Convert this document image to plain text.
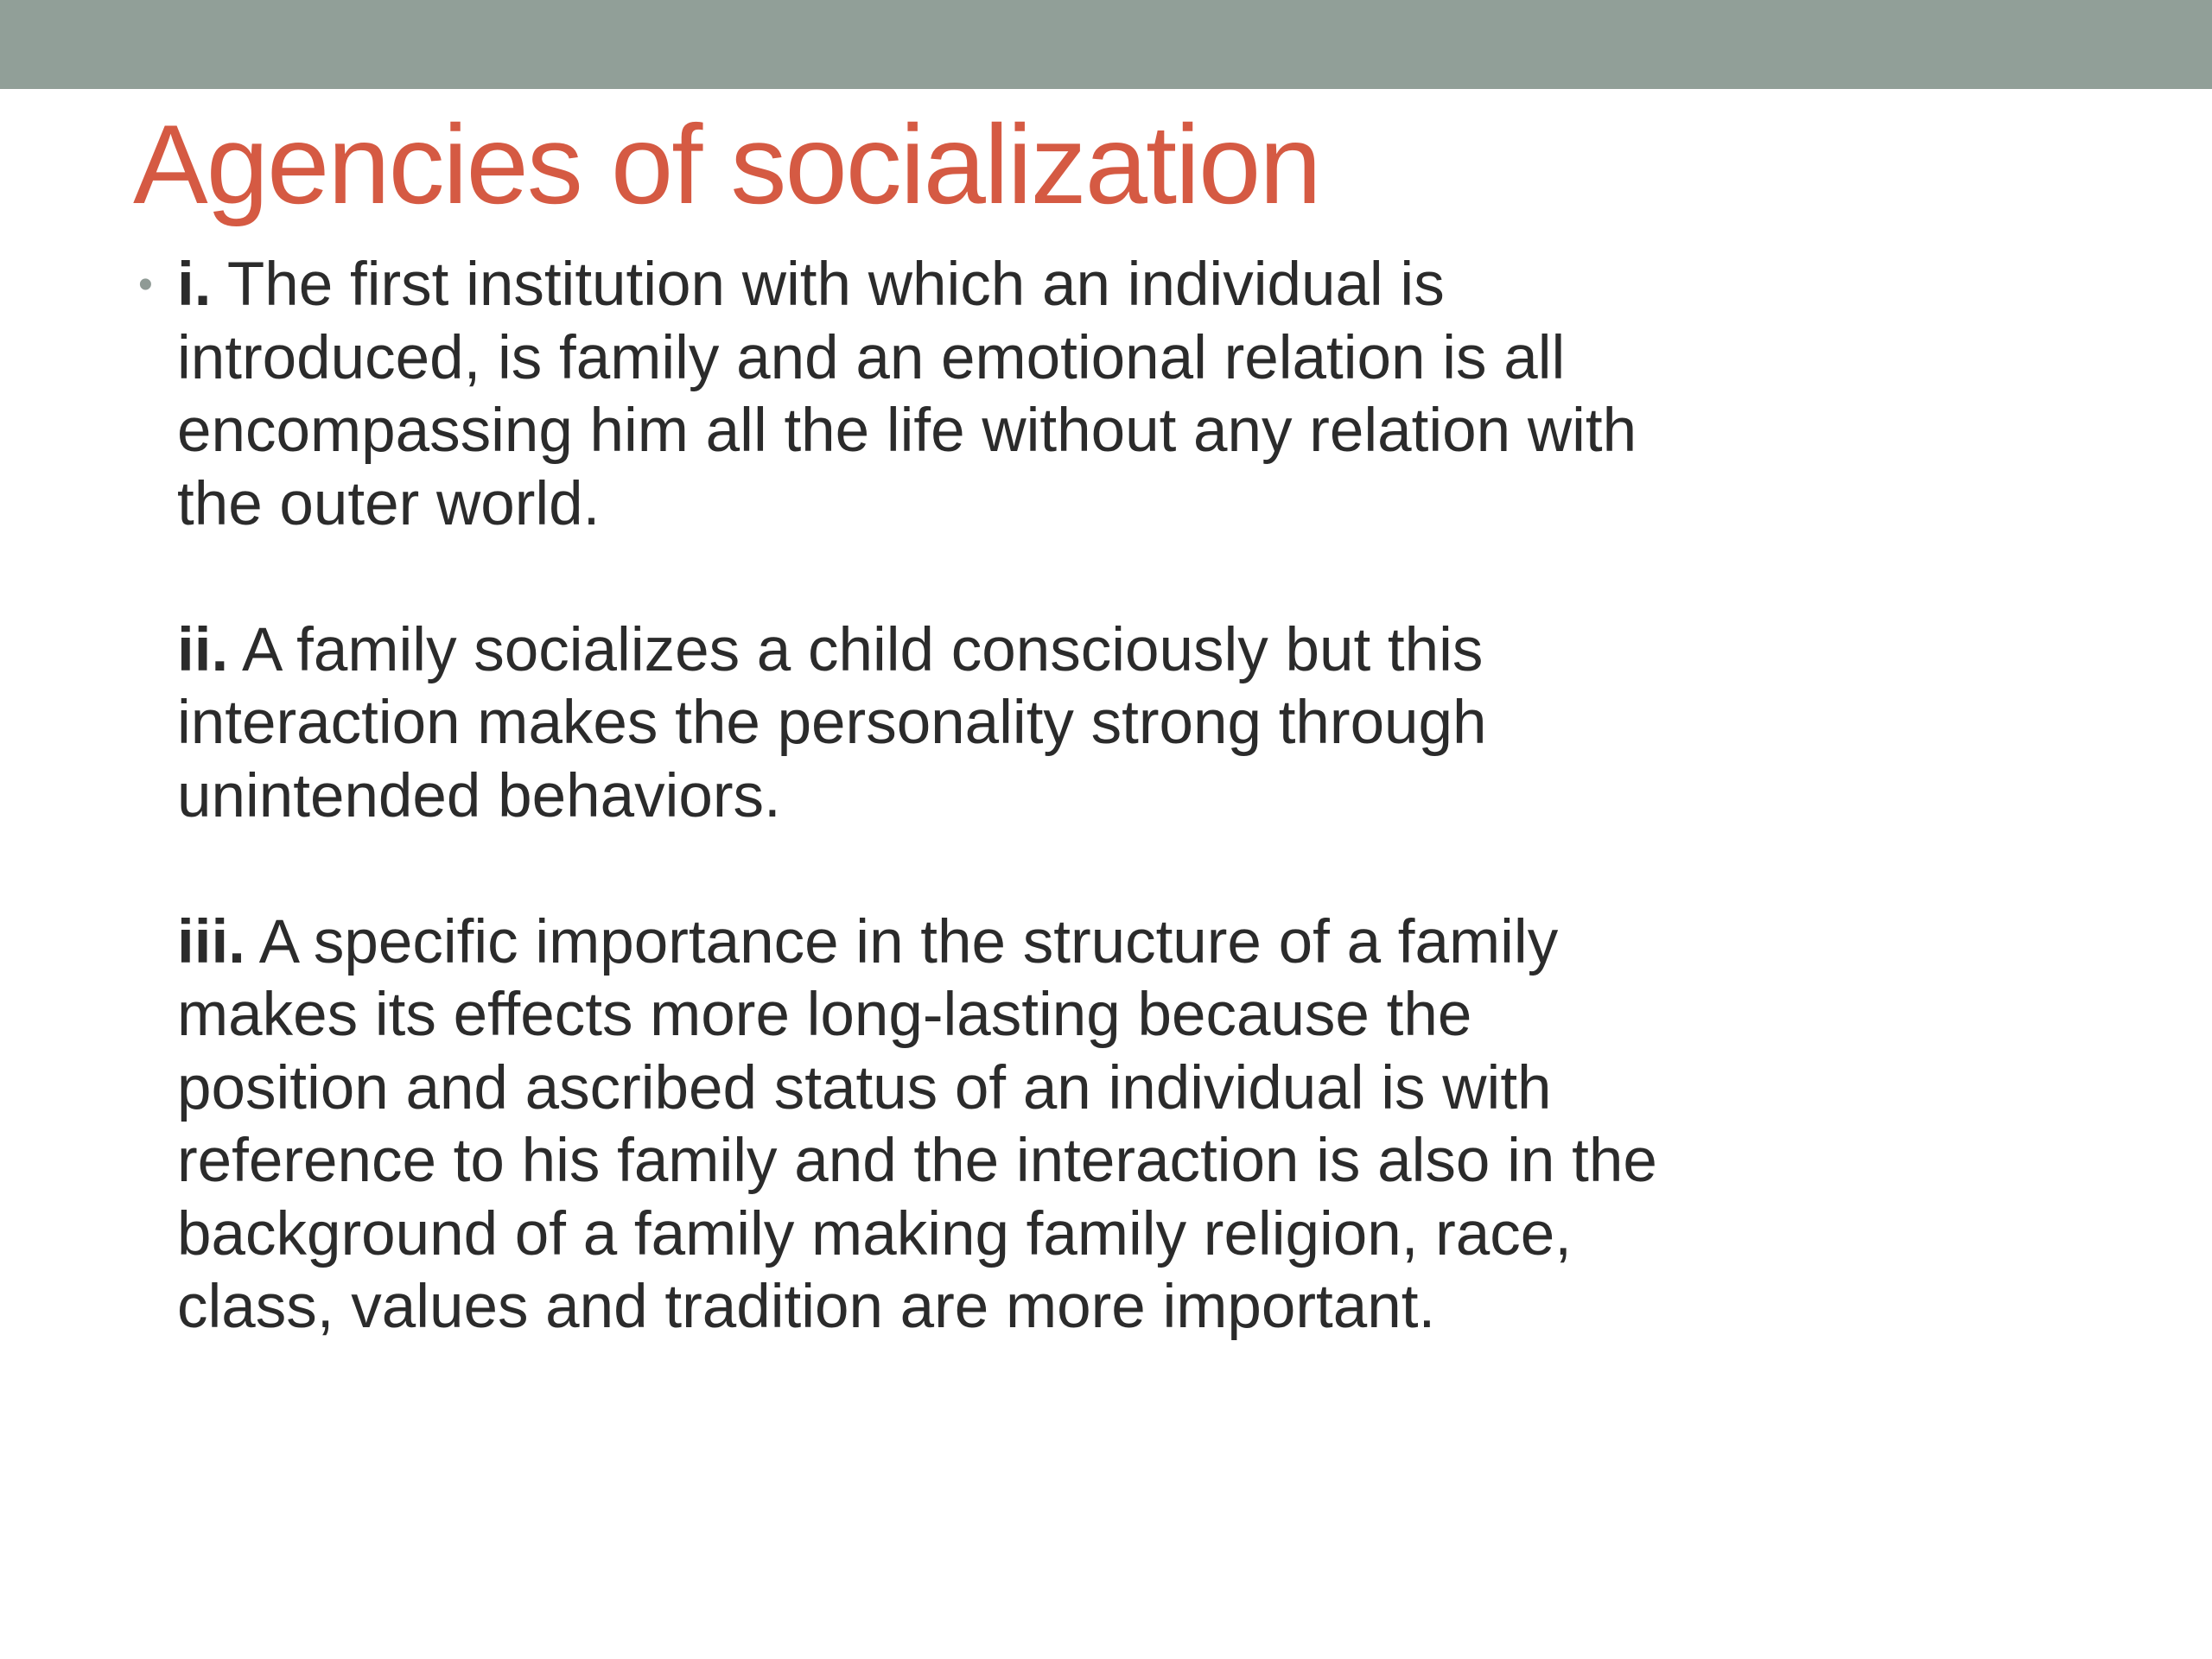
Agencies of socialization
• i. The first institution with which an individual is
introduced, is family and an emotional relation is all
encompassing him all the life without any relation with
the outer world.
ii. A family socializes a child consciously but this
interaction makes the personality strong through
unintended behaviors.
iii. A specific importance in the structure of a family
makes its effects more long-lasting because the
position and ascribed status of an individual is with
reference to his family and the interaction is also in the
background of a family making family religion, race,
class, values and tradition are more important.
